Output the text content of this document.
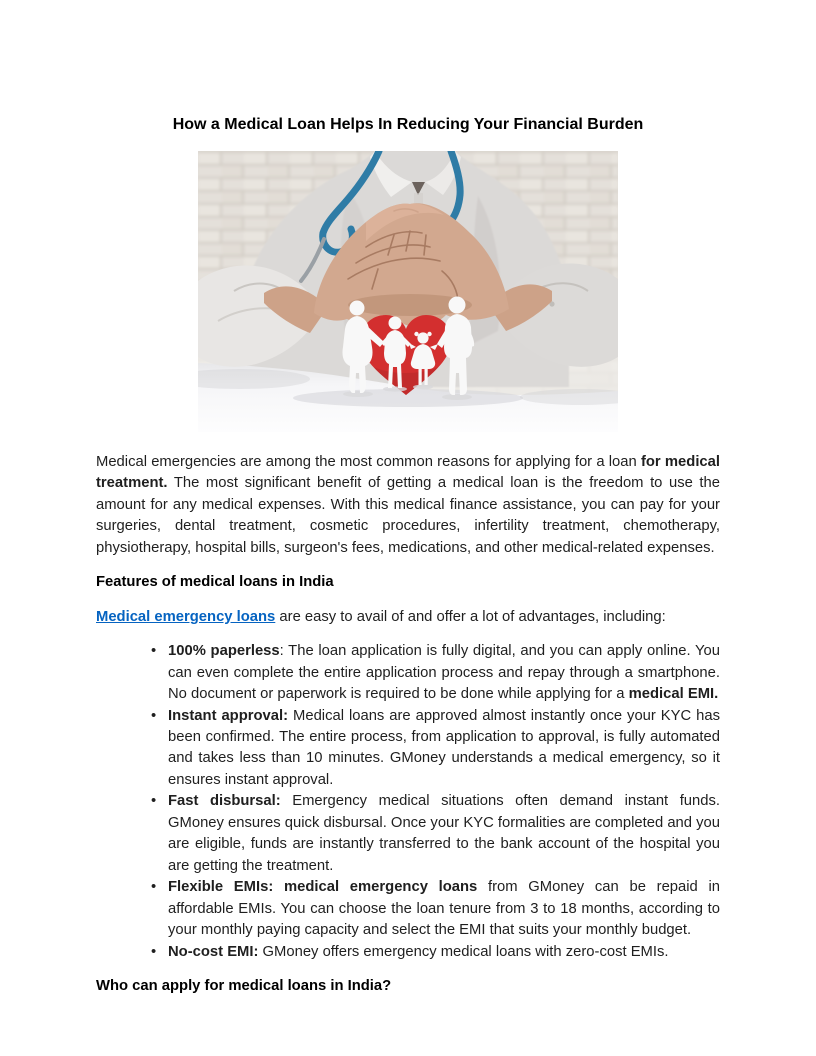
How a Medical Loan Helps In Reducing Your Financial Burden

Medical emergencies are among the most common reasons for applying for a loan for medical treatment. The most significant benefit of getting a medical loan is the freedom to use the amount for any medical expenses. With this medical finance assistance, you can pay for your surgeries, dental treatment, cosmetic procedures, infertility treatment, chemotherapy, physiotherapy, hospital bills, surgeon's fees, medications, and other medical-related expenses.

Features of medical loans in India

Medical emergency loans are easy to avail of and offer a lot of advantages, including:

• 100% paperless: The loan application is fully digital, and you can apply online. You can even complete the entire application process and repay through a smartphone. No document or paperwork is required to be done while applying for a medical EMI.
• Instant approval: Medical loans are approved almost instantly once your KYC has been confirmed. The entire process, from application to approval, is fully automated and takes less than 10 minutes. GMoney understands a medical emergency, so it ensures instant approval.
• Fast disbursal: Emergency medical situations often demand instant funds. GMoney ensures quick disbursal. Once your KYC formalities are completed and you are eligible, funds are instantly transferred to the bank account of the hospital you are getting the treatment.
• Flexible EMIs: medical emergency loans from GMoney can be repaid in affordable EMIs. You can choose the loan tenure from 3 to 18 months, according to your monthly paying capacity and select the EMI that suits your monthly budget.
• No-cost EMI: GMoney offers emergency medical loans with zero-cost EMIs.
Who can apply for medical loans in India?
